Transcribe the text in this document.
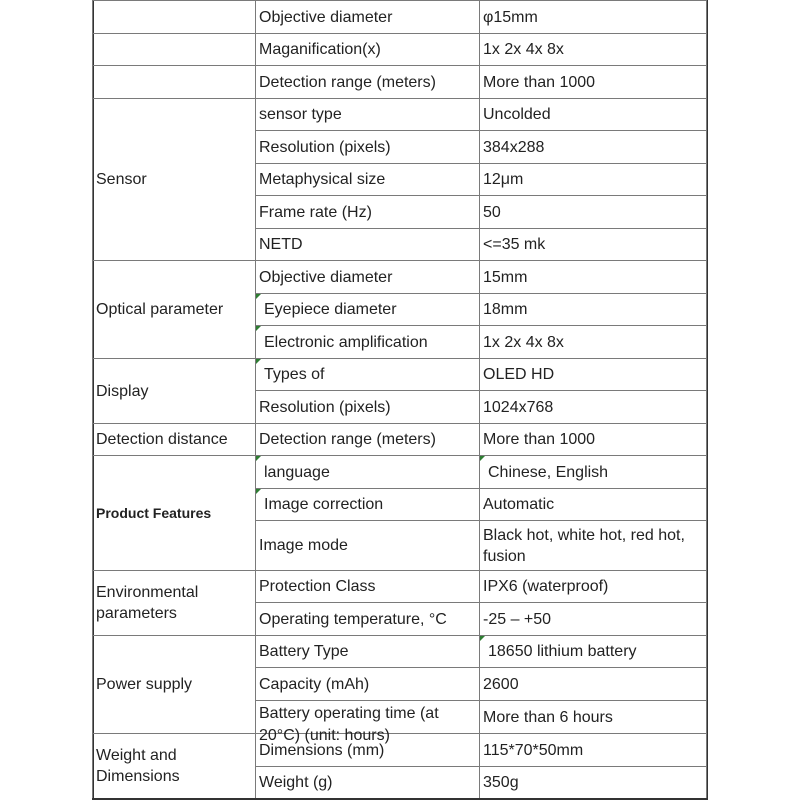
	Objective diameter	φ15mm
	Maganification(x)	1x 2x 4x 8x
	Detection range (meters)	More than 1000
Sensor	sensor type	Uncolded
	Resolution (pixels)	384x288
	Metaphysical size	12μm
	Frame rate (Hz)	50
	NETD	<=35 mk
Optical parameter	Objective diameter	15mm
	Eyepiece diameter	18mm
	Electronic amplification	1x 2x 4x 8x
Display	Types of	OLED HD
	Resolution (pixels)	1024x768
Detection distance	Detection range (meters)	More than 1000
Product Features	language	Chinese, English
	Image correction	Automatic
	Image mode	Black hot, white hot, red hot, fusion
Environmental parameters	Protection Class	IPX6 (waterproof)
	Operating temperature, °C	-25 – +50
Power supply	Battery Type	18650 lithium battery
	Capacity (mAh)	2600

	Battery operating time (at 20°C) (unit: hours)	More than 6 hours
Weight and Dimensions	Dimensions (mm)	115*70*50mm
	Weight (g)	350g
